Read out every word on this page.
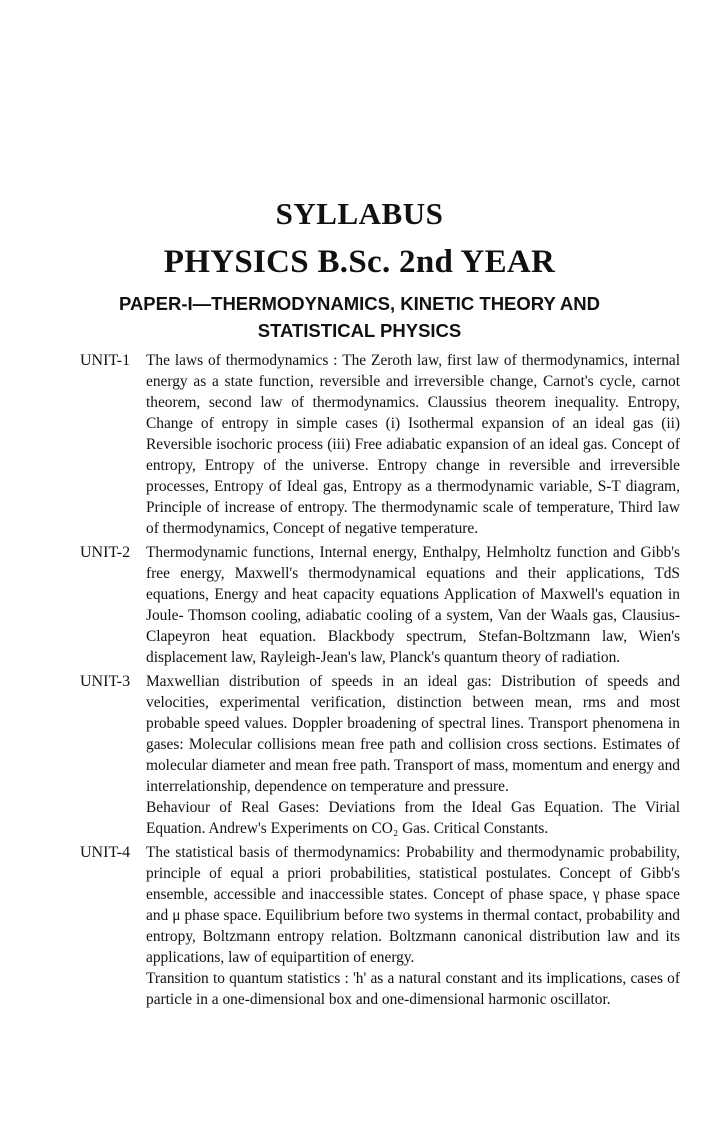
SYLLABUS
PHYSICS B.Sc. 2nd YEAR
PAPER-I—THERMODYNAMICS, KINETIC THEORY AND
STATISTICAL PHYSICS
UNIT-1	The laws of thermodynamics : The Zeroth law, first law of thermodynamics, internal energy as a state function, reversible and irreversible change, Carnot's cycle, carnot theorem, second law of thermodynamics. Claussius theorem inequality. Entropy, Change of entropy in simple cases (i) Isothermal expansion of an ideal gas (ii) Reversible isochoric process (iii) Free adiabatic expansion of an ideal gas. Concept of entropy, Entropy of the universe. Entropy change in reversible and irreversible processes, Entropy of Ideal gas, Entropy as a thermodynamic variable, S-T diagram, Principle of increase of entropy. The thermodynamic scale of temperature, Third law of thermodynamics, Concept of negative temperature.

UNIT-2	Thermodynamic functions, Internal energy, Enthalpy, Helmholtz function and Gibb's free energy, Maxwell's thermodynamical equations and their applications, TdS equations, Energy and heat capacity equations Application of Maxwell's equation in Joule- Thomson cooling, adiabatic cooling of a system, Van der Waals gas, Clausius-Clapeyron heat equation. Blackbody spectrum, Stefan-Boltzmann law, Wien's displacement law, Rayleigh-Jean's law, Planck's quantum theory of radiation.

UNIT-3	Maxwellian distribution of speeds in an ideal gas: Distribution of speeds and velocities, experimental verification, distinction between mean, rms and most probable speed values. Doppler broadening of spectral lines. Transport phenomena in gases: Molecular collisions mean free path and collision cross sections. Estimates of molecular diameter and mean free path. Transport of mass, momentum and energy and interrelationship, dependence on temperature and pressure.

Behaviour of Real Gases: Deviations from the Ideal Gas Equation. The Virial Equation. Andrew's Experiments on CO₂ Gas. Critical Constants.

UNIT-4	The statistical basis of thermodynamics: Probability and thermodynamic probability, principle of equal a priori probabilities, statistical postulates. Concept of Gibb's ensemble, accessible and inaccessible states. Concept of phase space, γ phase space and μ phase space. Equilibrium before two systems in thermal contact, probability and entropy, Boltzmann entropy relation. Boltzmann canonical distribution law and its applications, law of equipartition of energy.

Transition to quantum statistics : 'h' as a natural constant and its implications, cases of particle in a one-dimensional box and one-dimensional harmonic oscillator.
